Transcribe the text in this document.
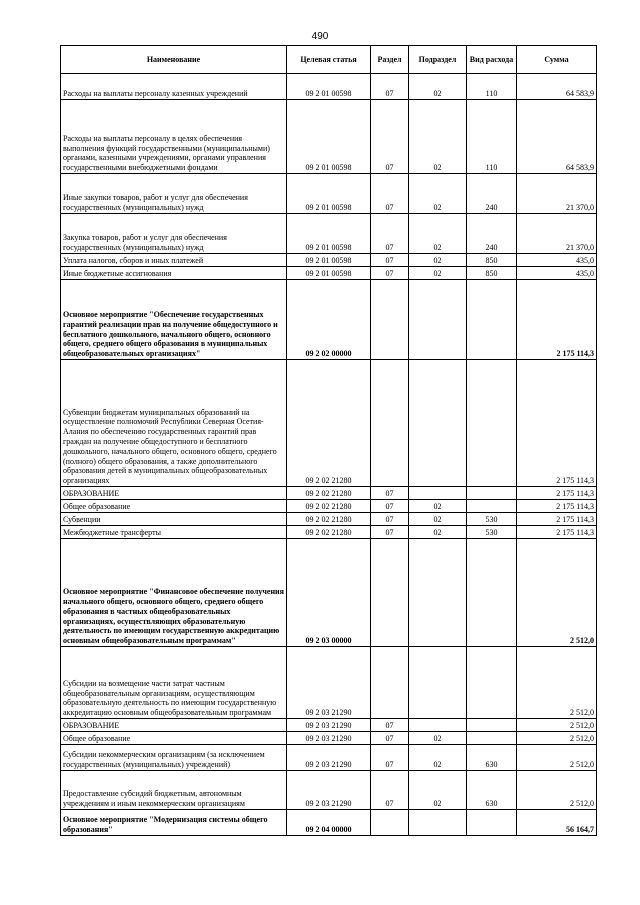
490
Наименование	Целевая статья	Раздел	Подраздел	Вид расхода	Сумма
Расходы на выплаты персоналу казенных учреждений	09 2 01 00598	07	02	110	64 583,9
Расходы на выплаты персоналу в целях обеспечения выполнения функций государственными (муниципальными) органами, казенными учреждениями, органами управления государственными внебюджетными фондами	09 2 01 00598	07	02	110	64 583,9
Иные закупки товаров, работ и услуг для обеспечения государственных (муниципальных) нужд	09 2 01 00598	07	02	240	21 370,0
Закупка товаров, работ и услуг для обеспечения государственных (муниципальных) нужд	09 2 01 00598	07	02	240	21 370,0
Уплата налогов, сборов и иных платежей	09 2 01 00598	07	02	850	435,0
Иные бюджетные ассигнования	09 2 01 00598	07	02	850	435,0
Основное мероприятие "Обеспечение государственных гарантий реализации прав на получение общедоступного и бесплатного дошкольного, начального общего, основного общего, среднего общего образования в муниципальных общеобразовательных организациях"	09 2 02 00000				2 175 114,3
Субвенции бюджетам муниципальных образований на осуществление полномочий Республики Северная Осетия-Алания по обеспечению государственных гарантий прав граждан на получение общедоступного и бесплатного дошкольного, начального общего, основного общего, среднего (полного) общего образования, а также дополнительного образования детей в муниципальных общеобразовательных организациях	09 2 02 21280				2 175 114,3
ОБРАЗОВАНИЕ	09 2 02 21280	07			2 175 114,3
Общее образование	09 2 02 21280	07	02		2 175 114,3
Субвенции	09 2 02 21280	07	02	530	2 175 114,3
Межбюджетные трансферты	09 2 02 21280	07	02	530	2 175 114,3
Основное мероприятие "Финансовое обеспечение получения начального общего, основного общего, среднего общего образования в частных общеобразовательных организациях, осуществляющих образовательную деятельность по имеющим государственную аккредитацию основным общеобразовательным программам"	09 2 03 00000				2 512,0
Субсидии на возмещение части затрат частным общеобразовательным организациям, осуществляющим образовательную деятельность по имеющим государственную аккредитацию основным общеобразовательным программам	09 2 03 21290				2 512,0
ОБРАЗОВАНИЕ	09 2 03 21290	07			2 512,0
Общее образование	09 2 03 21290	07	02		2 512,0
Субсидии некоммерческим организациям (за исключением государственных (муниципальных) учреждений)	09 2 03 21290	07	02	630	2 512,0
Предоставление субсидий бюджетным, автономным учреждениям и иным некоммерческим организациям	09 2 03 21290	07	02	630	2 512,0
Основное мероприятие "Модернизация системы общего образования"	09 2 04 00000				56 164,7
